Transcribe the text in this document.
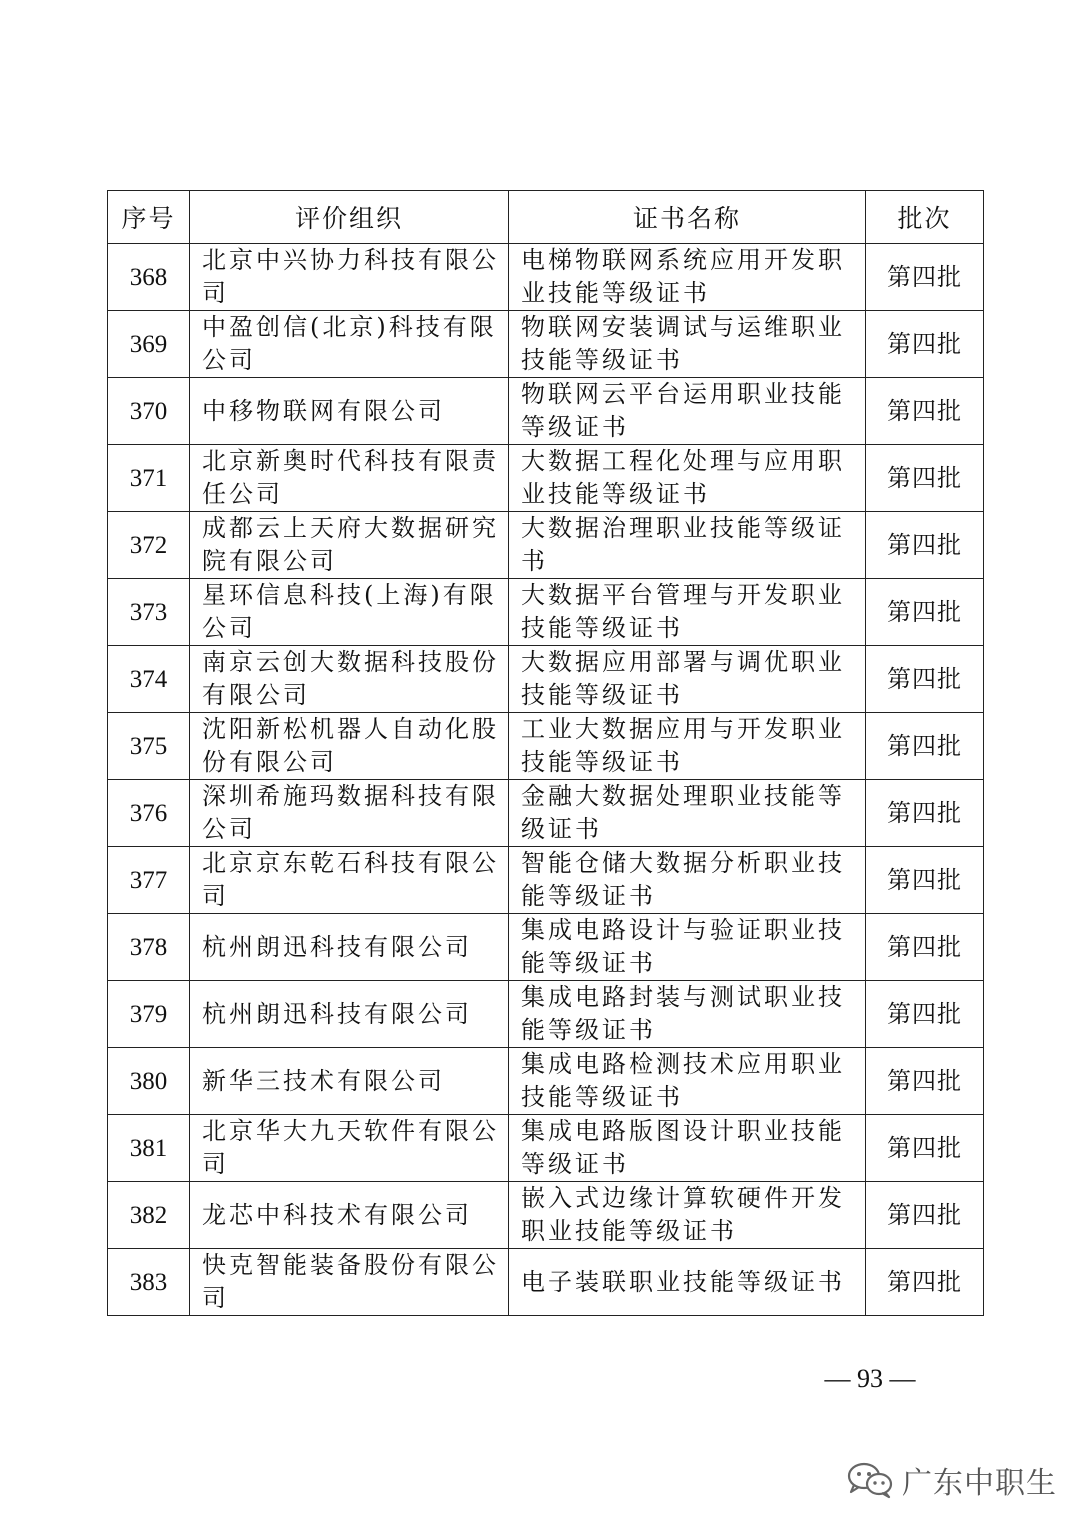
序号	评价组织	证书名称	批次
368	北京中兴协力科技有限公司	电梯物联网系统应用开发职业技能等级证书	第四批
369	中盈创信(北京)科技有限公司	物联网安装调试与运维职业技能等级证书	第四批
370	中移物联网有限公司	物联网云平台运用职业技能等级证书	第四批
371	北京新奥时代科技有限责任公司	大数据工程化处理与应用职业技能等级证书	第四批
372	成都云上天府大数据研究院有限公司	大数据治理职业技能等级证书	第四批
373	星环信息科技(上海)有限公司	大数据平台管理与开发职业技能等级证书	第四批
374	南京云创大数据科技股份有限公司	大数据应用部署与调优职业技能等级证书	第四批
375	沈阳新松机器人自动化股份有限公司	工业大数据应用与开发职业技能等级证书	第四批
376	深圳希施玛数据科技有限公司	金融大数据处理职业技能等级证书	第四批
377	北京京东乾石科技有限公司	智能仓储大数据分析职业技能等级证书	第四批
378	杭州朗迅科技有限公司	集成电路设计与验证职业技能等级证书	第四批
379	杭州朗迅科技有限公司	集成电路封装与测试职业技能等级证书	第四批
380	新华三技术有限公司	集成电路检测技术应用职业技能等级证书	第四批
381	北京华大九天软件有限公司	集成电路版图设计职业技能等级证书	第四批
382	龙芯中科技术有限公司	嵌入式边缘计算软硬件开发职业技能等级证书	第四批
383	快克智能装备股份有限公司	电子装联职业技能等级证书	第四批
— 93 —
广东中职生
